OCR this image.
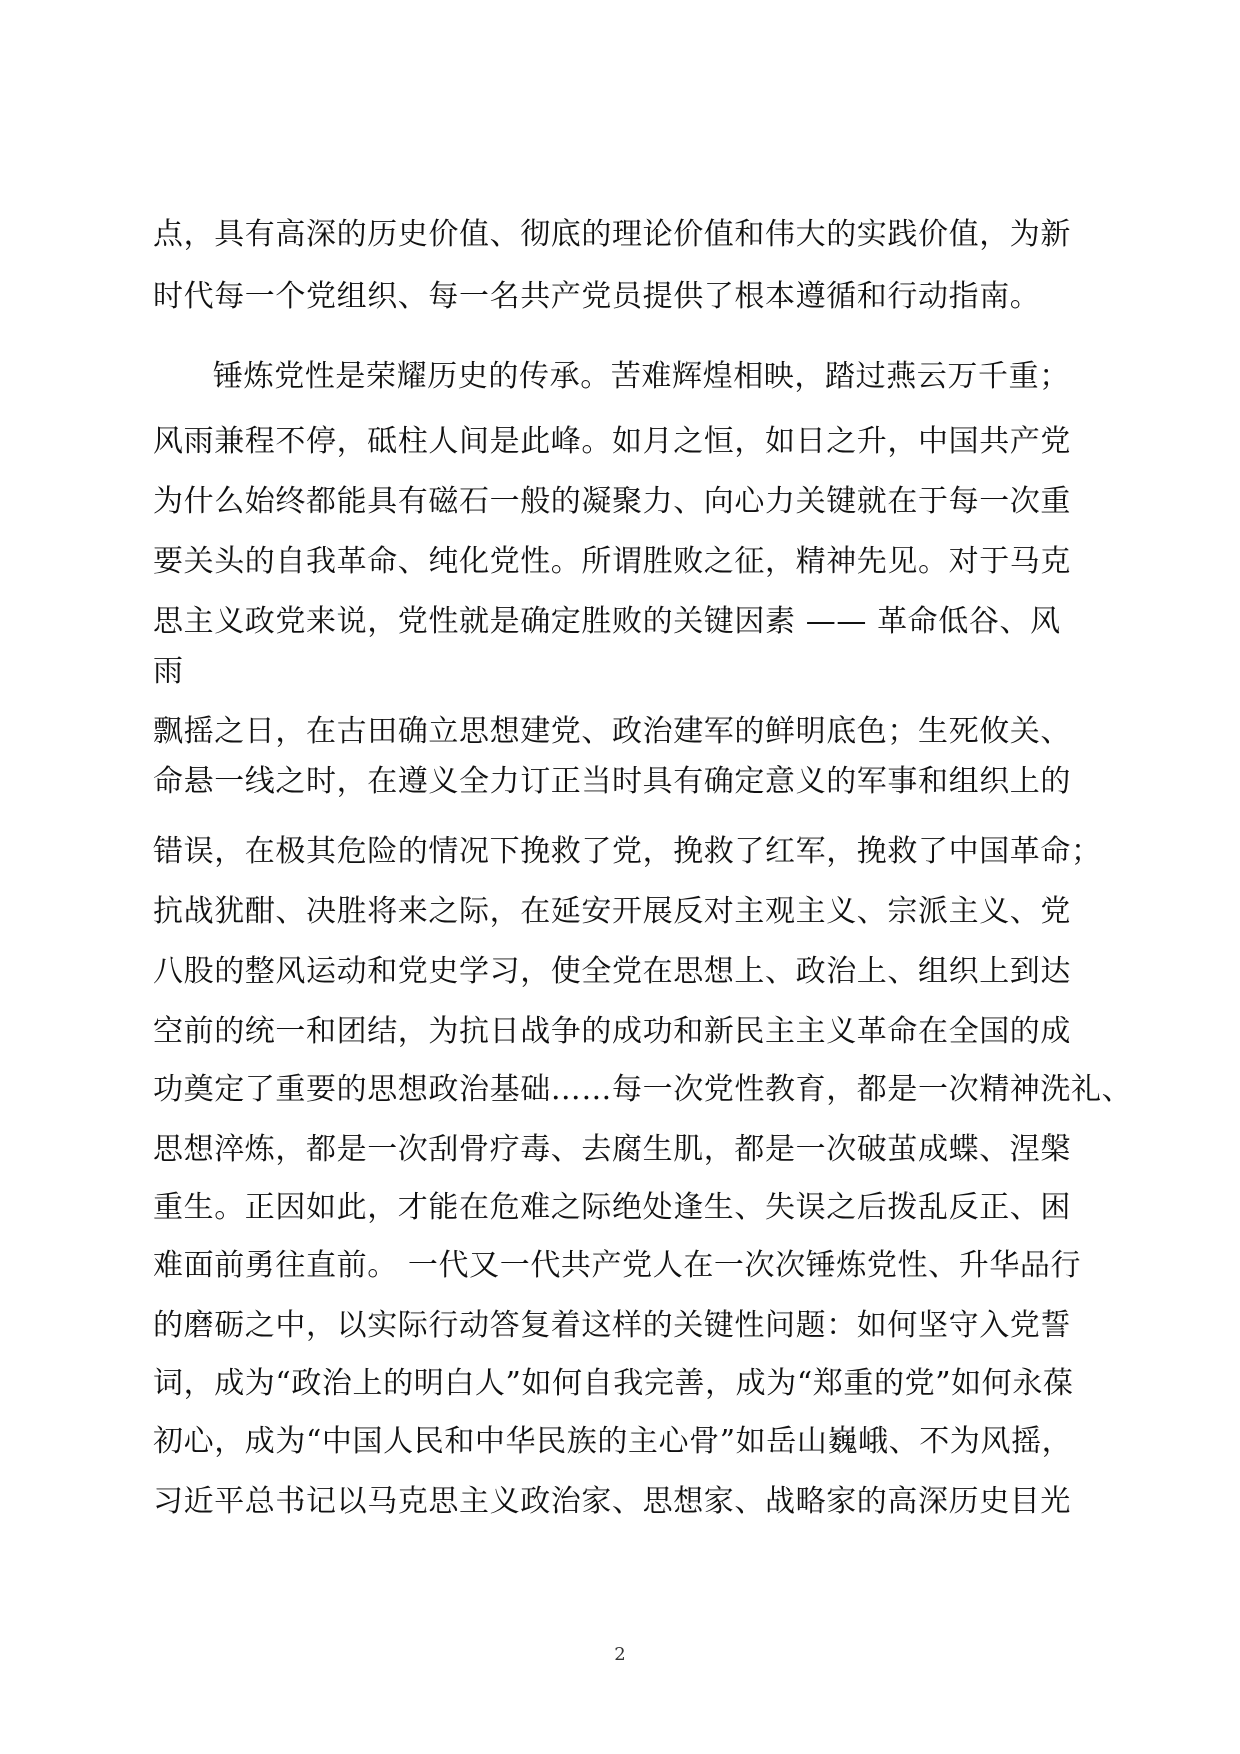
点，具有高深的历史价值、彻底的理论价值和伟大的实践价值，为新
时代每一个党组织、每一名共产党员提供了根本遵循和行动指南。
锤炼党性是荣耀历史的传承。苦难辉煌相映，踏过燕云万千重；
风雨兼程不停，砥柱人间是此峰。如月之恒，如日之升，中国共产党
为什么始终都能具有磁石一般的凝聚力、向心力关键就在于每一次重
要关头的自我革命、纯化党性。所谓胜败之征，精神先见。对于马克
思主义政党来说，党性就是确定胜败的关键因素 —— 革命低谷、风
雨
飘摇之日，在古田确立思想建党、政治建军的鲜明底色；生死攸关、
命悬一线之时，在遵义全力订正当时具有确定意义的军事和组织上的
错误，在极其危险的情况下挽救了党，挽救了红军，挽救了中国革命；
抗战犹酣、决胜将来之际，在延安开展反对主观主义、宗派主义、党
八股的整风运动和党史学习，使全党在思想上、政治上、组织上到达
空前的统一和团结，为抗日战争的成功和新民主主义革命在全国的成
功奠定了重要的思想政治基础……每一次党性教育，都是一次精神洗礼、
思想淬炼，都是一次刮骨疗毒、去腐生肌，都是一次破茧成蝶、涅槃
重生。正因如此，才能在危难之际绝处逢生、失误之后拨乱反正、困
难面前勇往直前。 一代又一代共产党人在一次次锤炼党性、升华品行
的磨砺之中，以实际行动答复着这样的关键性问题：如何坚守入党誓
词，成为“政治上的明白人”如何自我完善，成为“郑重的党”如何永葆
初心，成为“中国人民和中华民族的主心骨”如岳山巍峨、不为风摇，
习近平总书记以马克思主义政治家、思想家、战略家的高深历史目光
2
